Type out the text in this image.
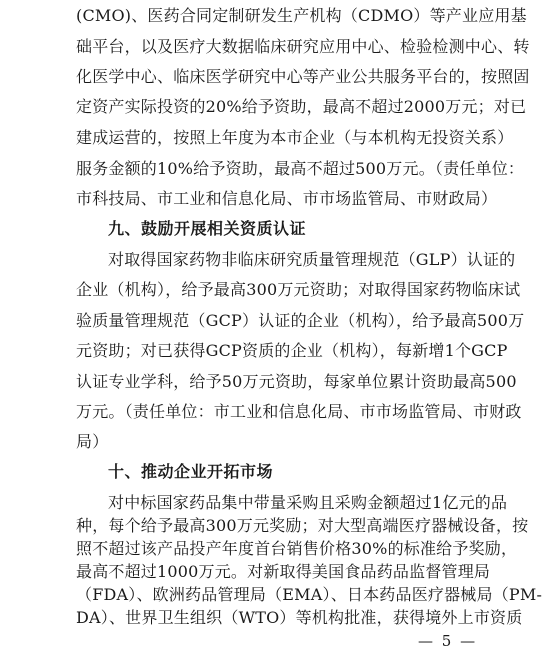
(CMO)、医药合同定制研发生产机构（CDMO）等产业应用基
础平台，以及医疗大数据临床研究应用中心、检验检测中心、转
化医学中心、临床医学研究中心等产业公共服务平台的，按照固
定资产实际投资的20%给予资助，最高不超过2000万元；对已
建成运营的，按照上年度为本市企业（与本机构无投资关系）
服务金额的10%给予资助，最高不超过500万元。（责任单位：
市科技局、市工业和信息化局、市市场监管局、市财政局）
九、鼓励开展相关资质认证
对取得国家药物非临床研究质量管理规范（GLP）认证的
企业（机构），给予最高300万元资助；对取得国家药物临床试
验质量管理规范（GCP）认证的企业（机构），给予最高500万
元资助；对已获得GCP资质的企业（机构），每新增1个GCP
认证专业学科，给予50万元资助，每家单位累计资助最高500
万元。（责任单位：市工业和信息化局、市市场监管局、市财政
局）
十、推动企业开拓市场
对中标国家药品集中带量采购且采购金额超过1亿元的品
种，每个给予最高300万元奖励；对大型高端医疗器械设备，按
照不超过该产品投产年度首台销售价格30%的标准给予奖励，
最高不超过1000万元。对新取得美国食品药品监督管理局
（FDA）、欧洲药品管理局（EMA）、日本药品医疗器械局（PM-
— 5 —
DA）、世界卫生组织（WTO）等机构批准，获得境外上市资质
